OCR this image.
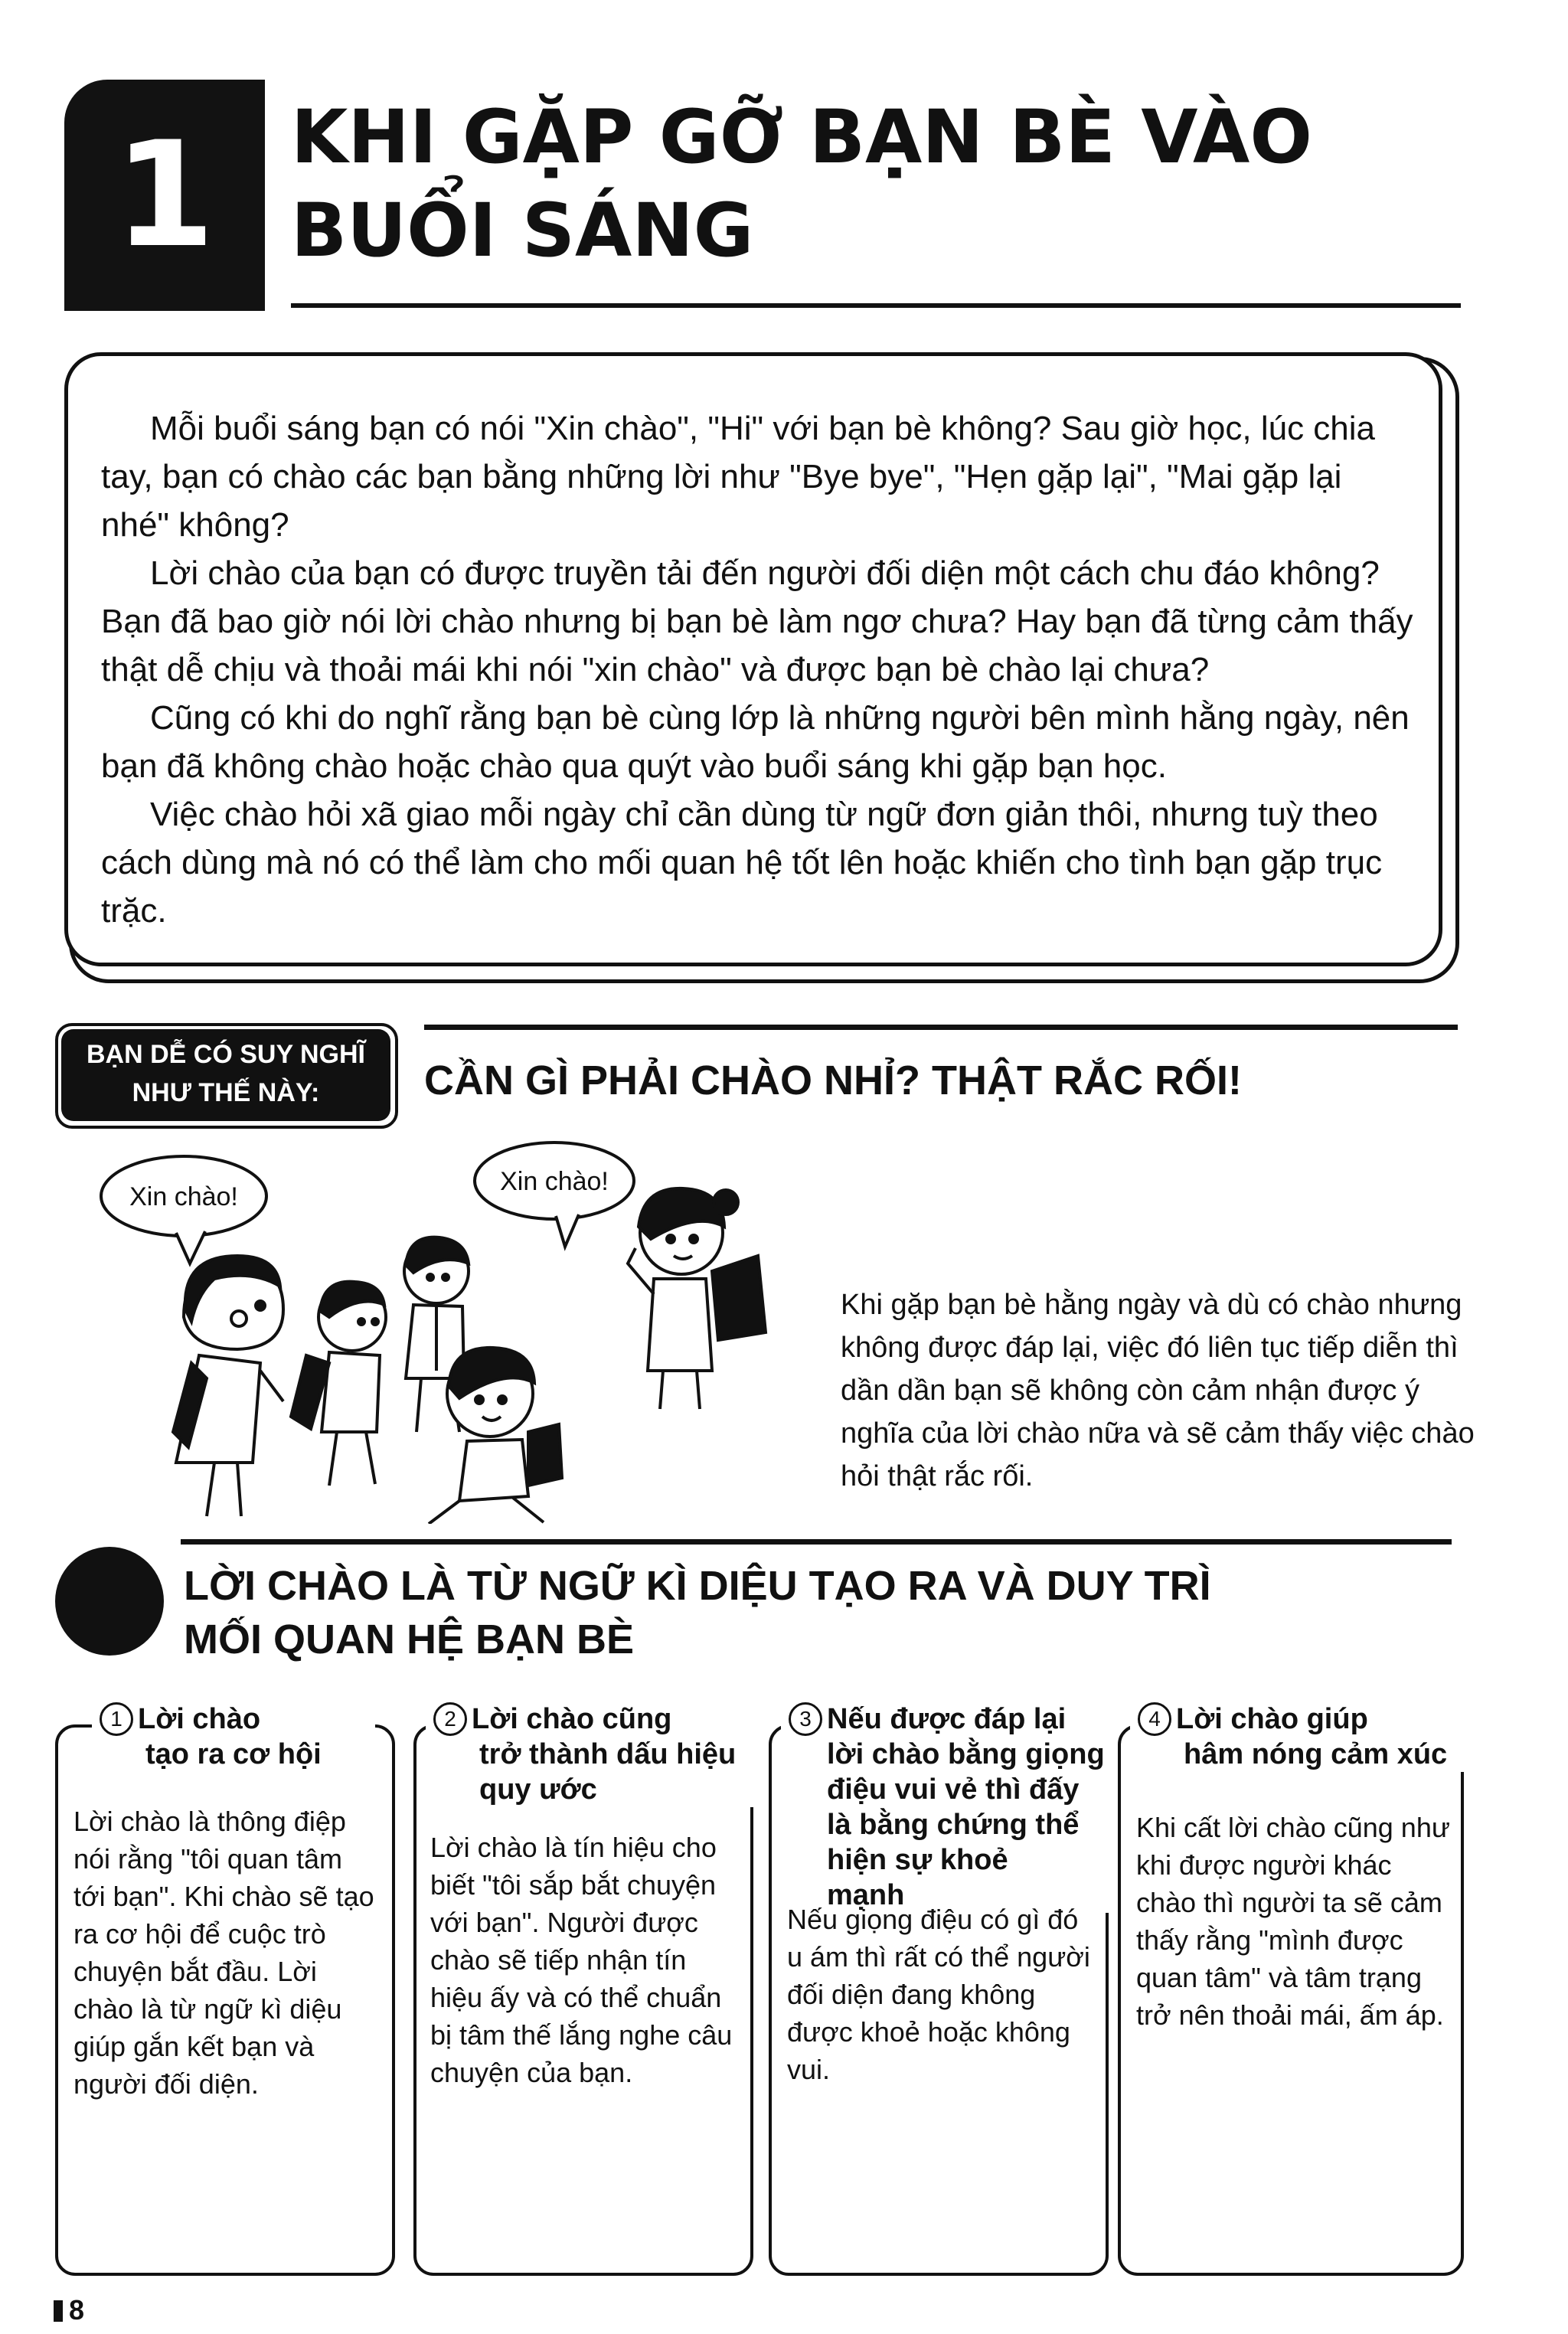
1	KHI GẶP GỠ BẠN BÈ VÀO BUỔI SÁNG

Mỗi buổi sáng bạn có nói "Xin chào", "Hi" với bạn bè không? Sau giờ học, lúc chia tay, bạn có chào các bạn bằng những lời như "Bye bye", "Hẹn gặp lại", "Mai gặp lại nhé" không?

Lời chào của bạn có được truyền tải đến người đối diện một cách chu đáo không? Bạn đã bao giờ nói lời chào nhưng bị bạn bè làm ngơ chưa? Hay bạn đã từng cảm thấy thật dễ chịu và thoải mái khi nói "xin chào" và được bạn bè chào lại chưa?

Cũng có khi do nghĩ rằng bạn bè cùng lớp là những người bên mình hằng ngày, nên bạn đã không chào hoặc chào qua quýt vào buổi sáng khi gặp bạn học.

Việc chào hỏi xã giao mỗi ngày chỉ cần dùng từ ngữ đơn giản thôi, nhưng tuỳ theo cách dùng mà nó có thể làm cho mối quan hệ tốt lên hoặc khiến cho tình bạn gặp trục trặc.

BẠN DỄ CÓ SUY NGHĨ
NHƯ THẾ NÀY:	CẦN GÌ PHẢI CHÀO NHỈ? THẬT RẮC RỐI!
Xin chào!
Xin chào!
Khi gặp bạn bè hằng ngày và dù có chào nhưng không được đáp lại, việc đó liên tục tiếp diễn thì dần dần bạn sẽ không còn cảm nhận được ý nghĩa của lời chào nữa và sẽ cảm thấy việc chào hỏi thật rắc rối.
LỜI CHÀO LÀ TỪ NGỮ KÌ DIỆU TẠO RA VÀ DUY TRÌ
MỐI QUAN HỆ BẠN BÈ
1 Lời chào
tạo ra cơ hội

Lời chào là thông điệp nói rằng "tôi quan tâm tới bạn". Khi chào sẽ tạo ra cơ hội để cuộc trò chuyện bắt đầu. Lời chào là từ ngữ kì diệu giúp gắn kết bạn và người đối diện.

2 Lời chào cũng
trở thành dấu hiệu
quy ước

Lời chào là tín hiệu cho biết "tôi sắp bắt chuyện với bạn". Người được chào sẽ tiếp nhận tín hiệu ấy và có thể chuẩn bị tâm thế lắng nghe câu chuyện của bạn.

3 Nếu được đáp lại
lời chào bằng giọng
điệu vui vẻ thì đấy
là bằng chứng thể hiện sự khoẻ mạnh

Nếu giọng điệu có gì đó u ám thì rất có thể người đối diện đang không được khoẻ hoặc không vui.

4 Lời chào giúp
hâm nóng cảm xúc

Khi cất lời chào cũng như khi được người khác chào thì người ta sẽ cảm thấy rằng "mình được quan tâm" và tâm trạng trở nên thoải mái, ấm áp.

8
